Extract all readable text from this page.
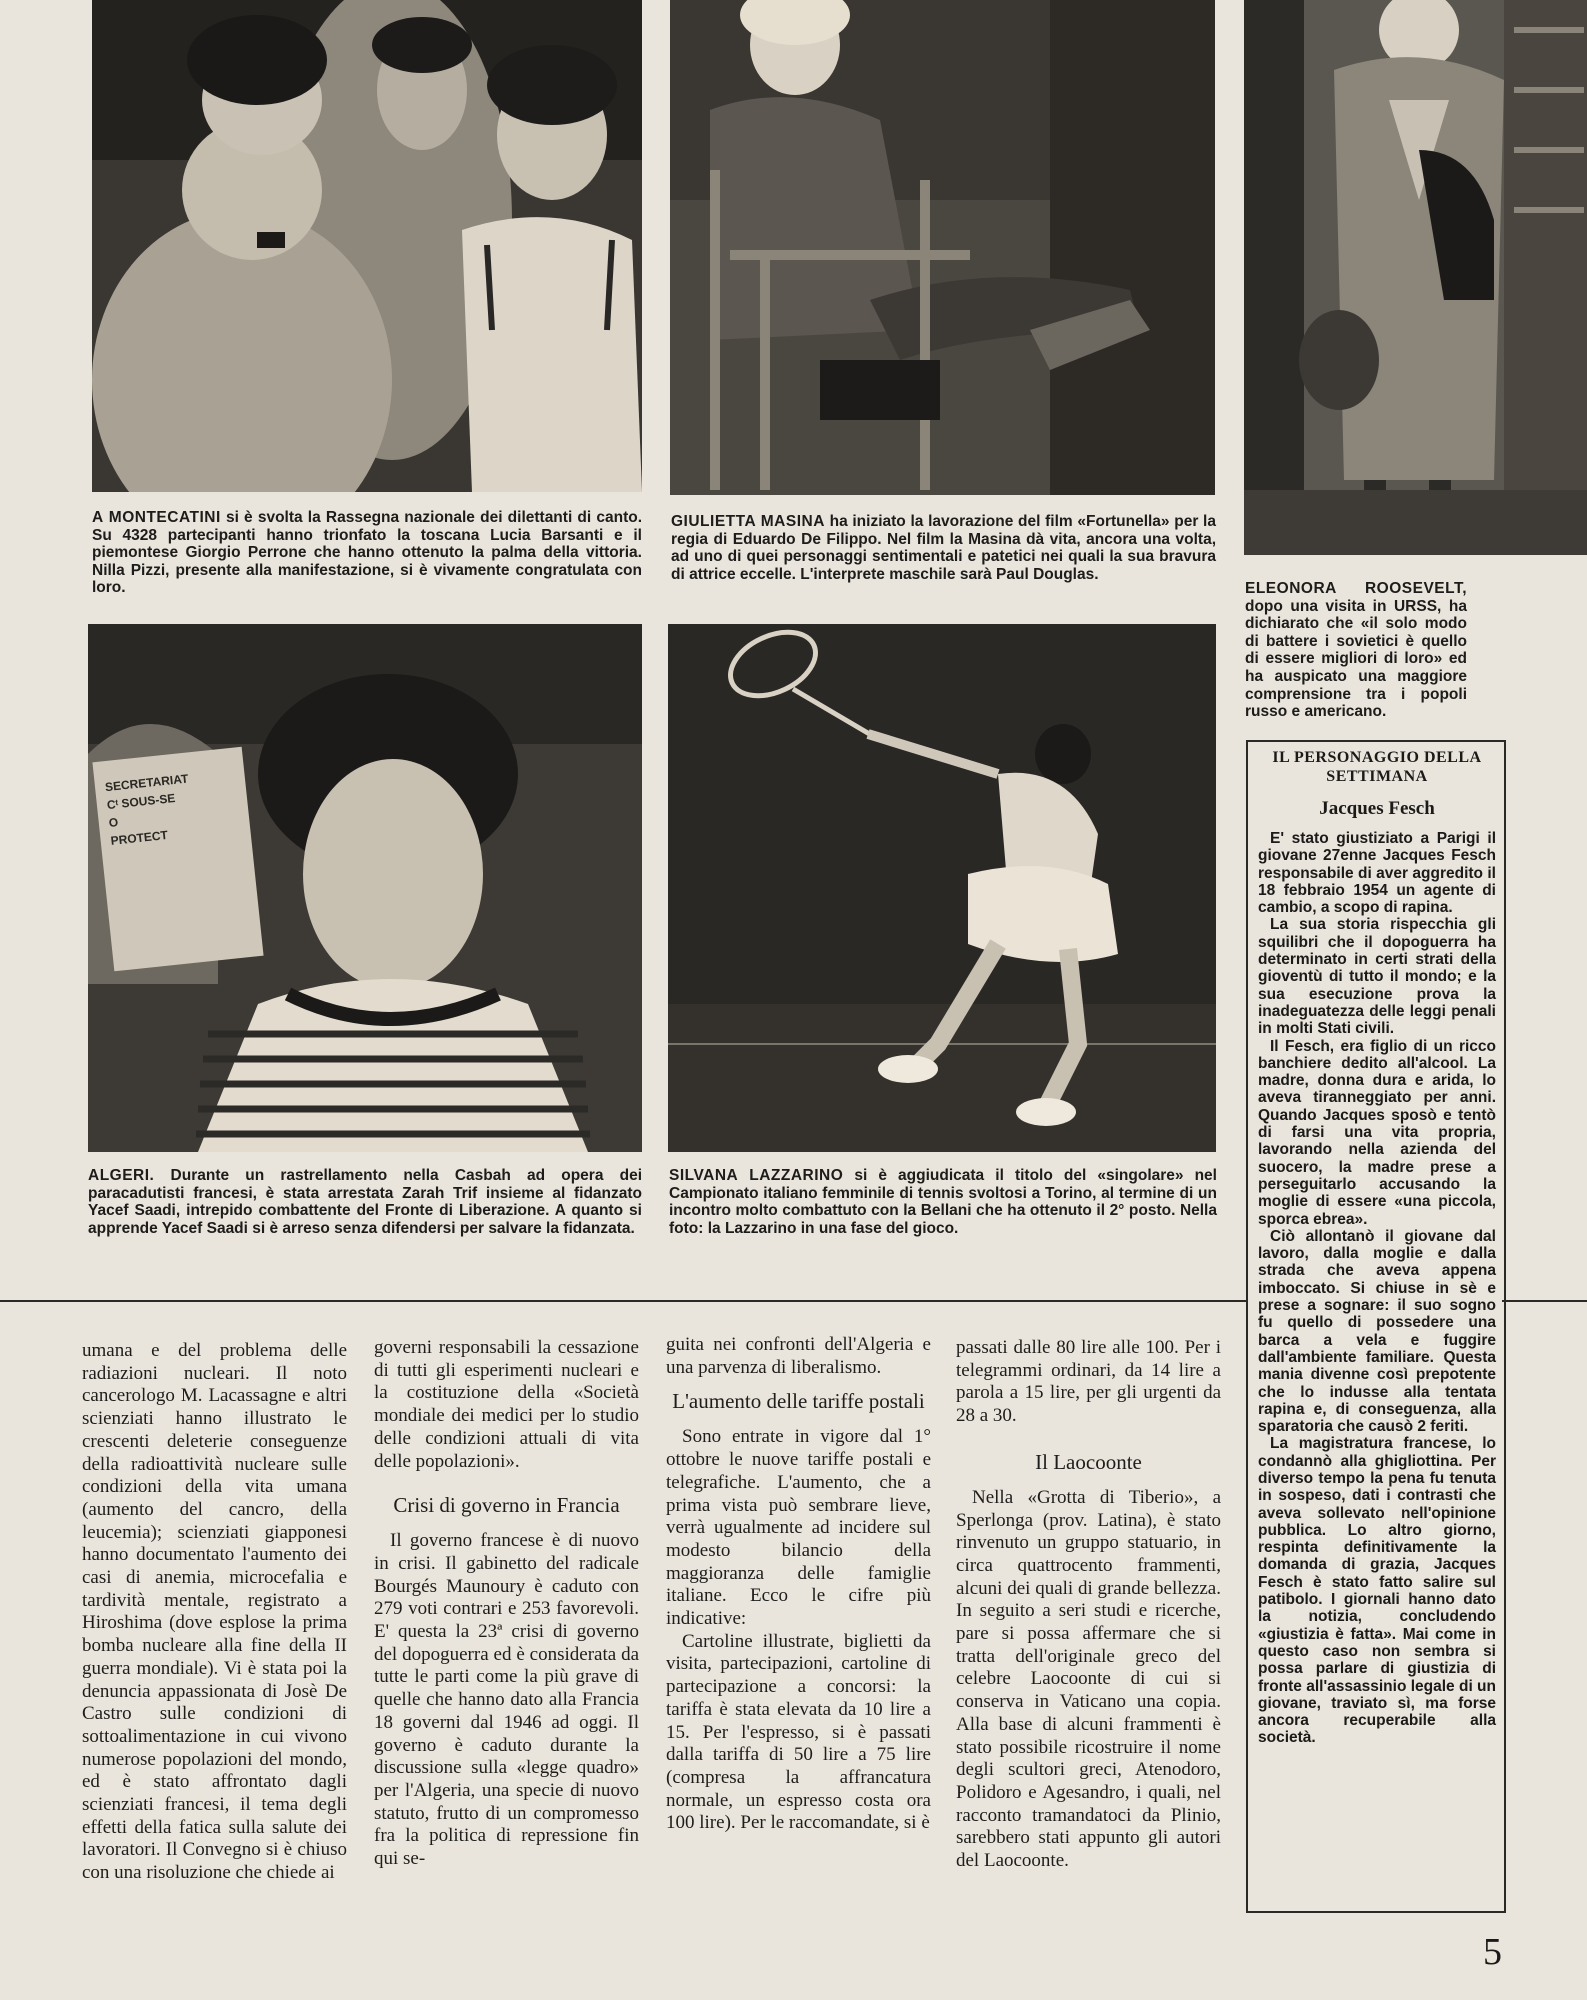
A MONTECATINI si è svolta la Rassegna nazionale dei dilettanti di canto. Su 4328 partecipanti hanno trionfato la toscana Lucia Barsanti e il piemontese Giorgio Perrone che hanno ottenuto la palma della vittoria. Nilla Pizzi, presente alla manifestazione, si è vivamente congratulata con loro.
GIULIETTA MASINA ha iniziato la lavorazione del film «Fortunella» per la regia di Eduardo De Filippo. Nel film la Masina dà vita, ancora una volta, ad uno di quei personaggi sentimentali e patetici nei quali la sua bravura di attrice eccelle. L'interprete maschile sarà Paul Douglas.
ELEONORA ROOSEVELT, dopo una visita in URSS, ha dichiarato che «il solo modo di battere i sovietici è quello di essere migliori di loro» ed ha auspicato una maggiore comprensione tra i popoli russo e americano.
SECRETARIAT
Cᵗ SOUS-SE
O
PROTECT
ALGERI. Durante un rastrellamento nella Casbah ad opera dei paracadutisti francesi, è stata arrestata Zarah Trif insieme al fidanzato Yacef Saadi, intrepido combattente del Fronte di Liberazione. A quanto si apprende Yacef Saadi si è arreso senza difendersi per salvare la fidanzata.
SILVANA LAZZARINO si è aggiudicata il titolo del «singolare» nel Campionato italiano femminile di tennis svoltosi a Torino, al termine di un incontro molto combattuto con la Bellani che ha ottenuto il 2° posto. Nella foto: la Lazzarino in una fase del gioco.
IL PERSONAGGIO DELLA SETTIMANA
Jacques Fesch

E' stato giustiziato a Parigi il giovane 27enne Jacques Fesch responsabile di aver aggredito il 18 febbraio 1954 un agente di cambio, a scopo di rapina.

La sua storia rispecchia gli squilibri che il dopoguerra ha determinato in certi strati della gioventù di tutto il mondo; e la sua esecuzione prova la inadeguatezza delle leggi penali in molti Stati civili.

Il Fesch, era figlio di un ricco banchiere dedito all'alcool. La madre, donna dura e arida, lo aveva tiranneggiato per anni. Quando Jacques sposò e tentò di farsi una vita propria, lavorando nella azienda del suocero, la madre prese a perseguitarlo accusando la moglie di essere «una piccola, sporca ebrea».

Ciò allontanò il giovane dal lavoro, dalla moglie e dalla strada che aveva appena imboccato. Si chiuse in sè e prese a sognare: il suo sogno fu quello di possedere una barca a vela e fuggire dall'ambiente familiare. Questa mania divenne così prepotente che lo indusse alla tentata rapina e, di conseguenza, alla sparatoria che causò 2 feriti.

La magistratura francese, lo condannò alla ghigliottina. Per diverso tempo la pena fu tenuta in sospeso, dati i contrasti che aveva sollevato nell'opinione pubblica. Lo altro giorno, respinta definitivamente la domanda di grazia, Jacques Fesch è stato fatto salire sul patibolo. I giornali hanno dato la notizia, concludendo «giustizia è fatta». Mai come in questo caso non sembra si possa parlare di giustizia di fronte all'assassinio legale di un giovane, traviato sì, ma forse ancora recuperabile alla società.

umana e del problema delle radiazioni nucleari. Il noto cancerologo M. Lacassagne e altri scienziati hanno illustrato le crescenti deleterie conseguenze della radioattività nucleare sulle condizioni della vita umana (aumento del cancro, della leucemia); scienziati giapponesi hanno documentato l'aumento dei casi di anemia, microcefalia e tardività mentale, registrato a Hiroshima (dove esplose la prima bomba nucleare alla fine della II guerra mondiale). Vi è stata poi la denuncia appassionata di Josè De Castro sulle condizioni di sottoalimentazione in cui vivono numerose popolazioni del mondo, ed è stato affrontato dagli scienziati francesi, il tema degli effetti della fatica sulla salute dei lavoratori. Il Convegno si è chiuso con una risoluzione che chiede ai

governi responsabili la cessazione di tutti gli esperimenti nucleari e la costituzione della «Società mondiale dei medici per lo studio delle condizioni attuali di vita delle popolazioni».

Crisi di governo in Francia

Il governo francese è di nuovo in crisi. Il gabinetto del radicale Bourgés Maunoury è caduto con 279 voti contrari e 253 favorevoli. E' questa la 23ª crisi di governo del dopoguerra ed è considerata da tutte le parti come la più grave di quelle che hanno dato alla Francia 18 governi dal 1946 ad oggi. Il governo è caduto durante la discussione sulla «legge quadro» per l'Algeria, una specie di nuovo statuto, frutto di un compromesso fra la politica di repressione fin qui se-

guita nei confronti dell'Algeria e una parvenza di liberalismo.

L'aumento delle tariffe postali

Sono entrate in vigore dal 1° ottobre le nuove tariffe postali e telegrafiche. L'aumento, che a prima vista può sembrare lieve, verrà ugualmente ad incidere sul modesto bilancio della maggioranza delle famiglie italiane. Ecco le cifre più indicative:

Cartoline illustrate, biglietti da visita, partecipazioni, cartoline di partecipazione a concorsi: la tariffa è stata elevata da 10 lire a 15. Per l'espresso, si è passati dalla tariffa di 50 lire a 75 lire (compresa la affrancatura normale, un espresso costa ora 100 lire). Per le raccomandate, si è

passati dalle 80 lire alle 100. Per i telegrammi ordinari, da 14 lire a parola a 15 lire, per gli urgenti da 28 a 30.

Il Laocoonte

Nella «Grotta di Tiberio», a Sperlonga (prov. Latina), è stato rinvenuto un gruppo statuario, in circa quattrocento frammenti, alcuni dei quali di grande bellezza. In seguito a seri studi e ricerche, pare si possa affermare che si tratta dell'originale greco del celebre Laocoonte di cui si conserva in Vaticano una copia. Alla base di alcuni frammenti è stato possibile ricostruire il nome degli scultori greci, Atenodoro, Polidoro e Agesandro, i quali, nel racconto tramandatoci da Plinio, sarebbero stati appunto gli autori del Laocoonte.

5
